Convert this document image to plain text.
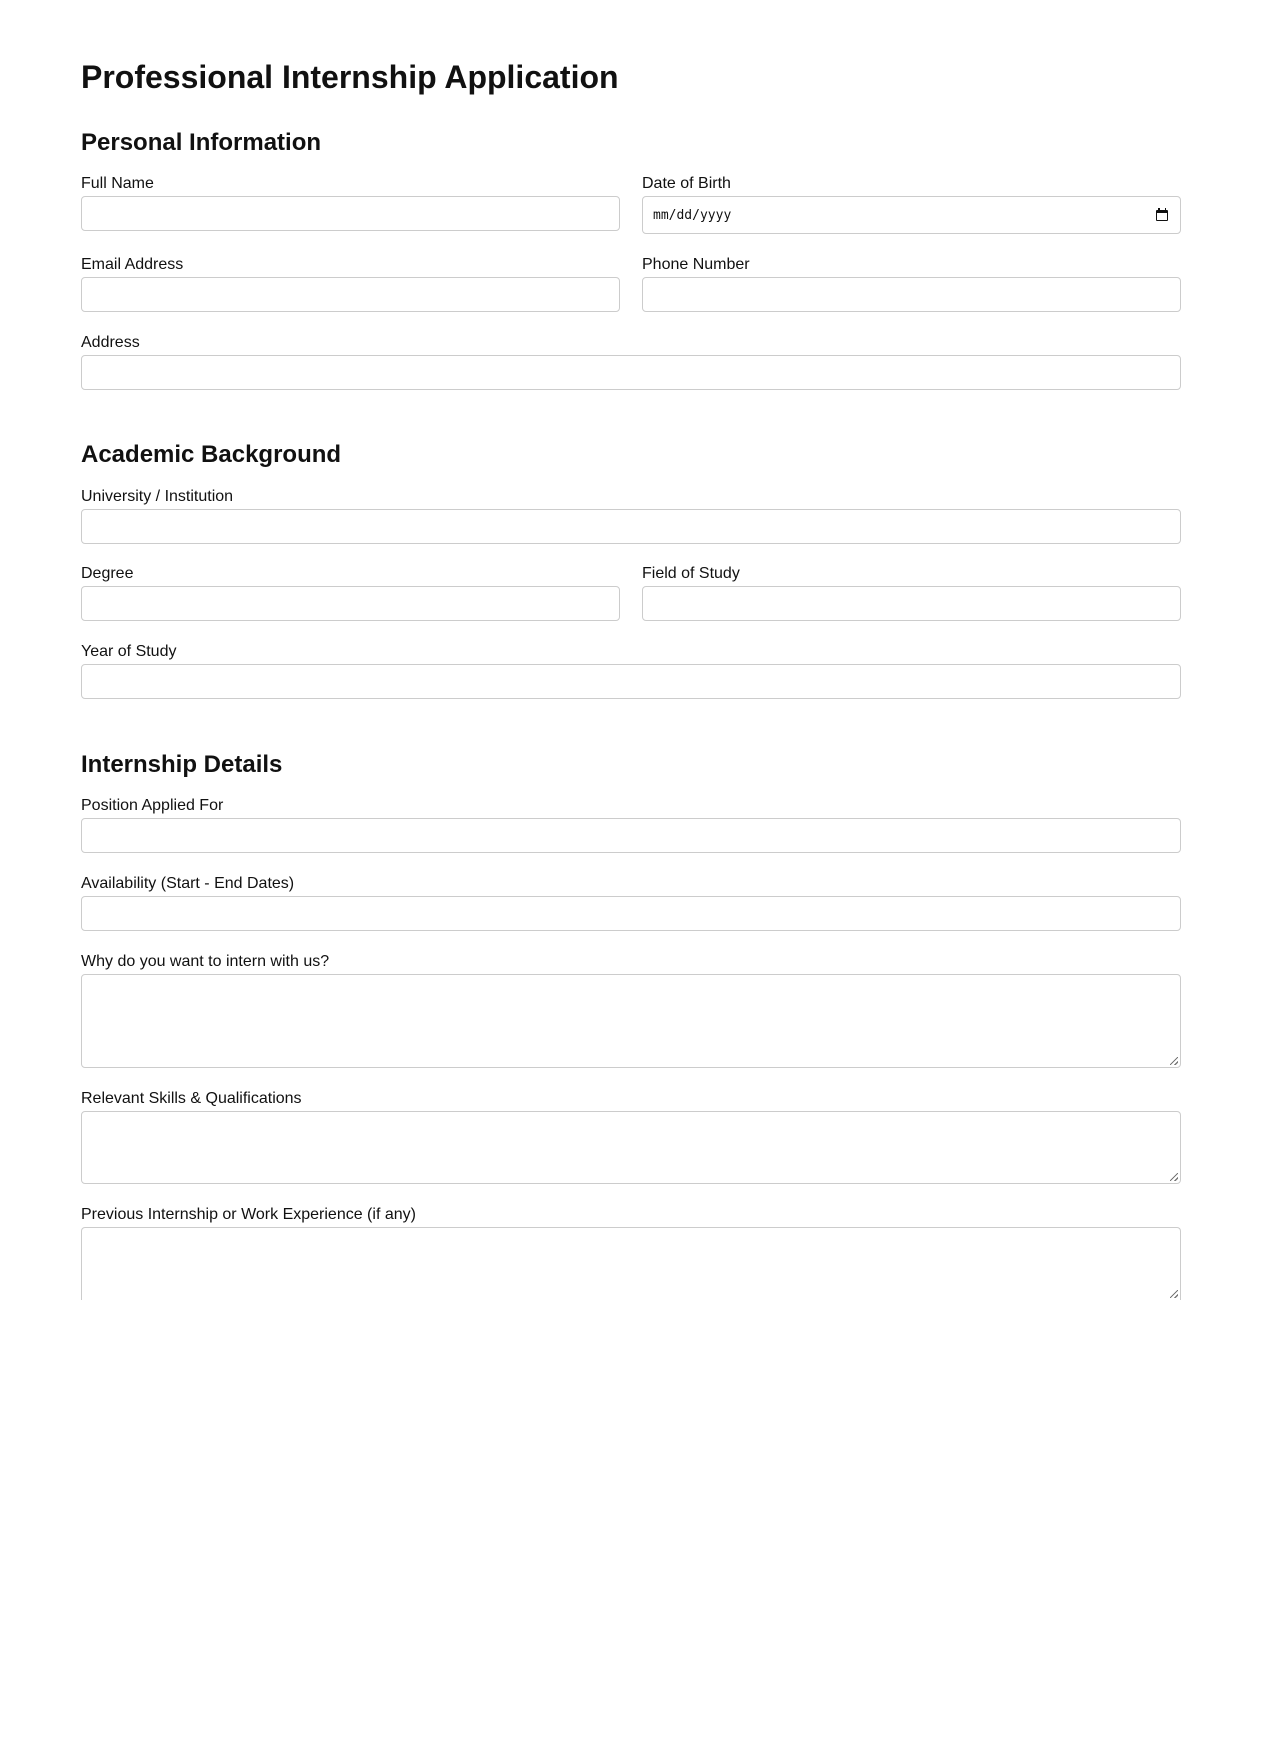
Professional Internship Application
Personal Information
Full Name	Date of Birth
mm/dd/yyyy
Email Address	Phone Number
Address
Academic Background
University / Institution
Degree	Field of Study
Year of Study
Internship Details
Position Applied For
Availability (Start - End Dates)
Why do you want to intern with us?
Relevant Skills & Qualifications
Previous Internship or Work Experience (if any)
